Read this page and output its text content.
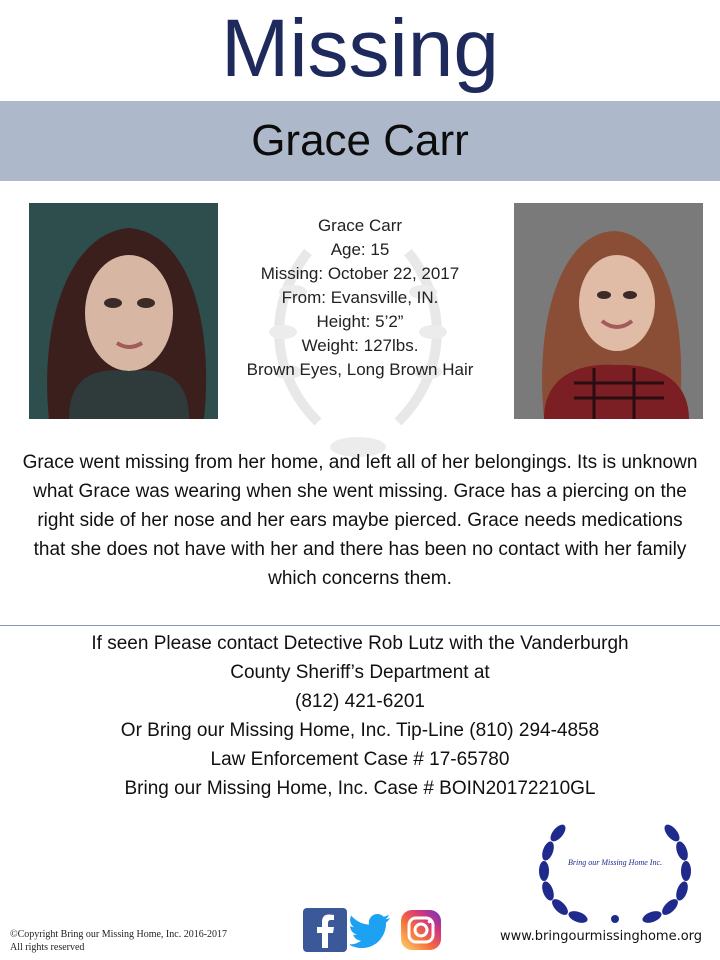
Missing
Grace Carr
Grace Carr
Age: 15
Missing: October 22, 2017
From: Evansville, IN.
Height: 5’2”
Weight: 127lbs.
Brown Eyes, Long Brown Hair
Grace went missing from her home, and left all of her belongings. Its is unknown what Grace was wearing when she went missing. Grace has a piercing on the right side of her nose and her ears maybe pierced. Grace needs medications that she does not have with her and there has been no contact with her family which concerns them.
If seen Please contact Detective Rob Lutz with the Vanderburgh
County Sheriff’s Department at
(812) 421-6201
Or Bring our Missing Home, Inc. Tip-Line (810) 294-4858
Law Enforcement Case # 17-65780
Bring our Missing Home, Inc. Case # BOIN20172210GL
Bring our Missing Home Inc.
www.bringourmissinghome.org
©Copyright Bring our Missing Home, Inc. 2016-2017
All rights reserved
